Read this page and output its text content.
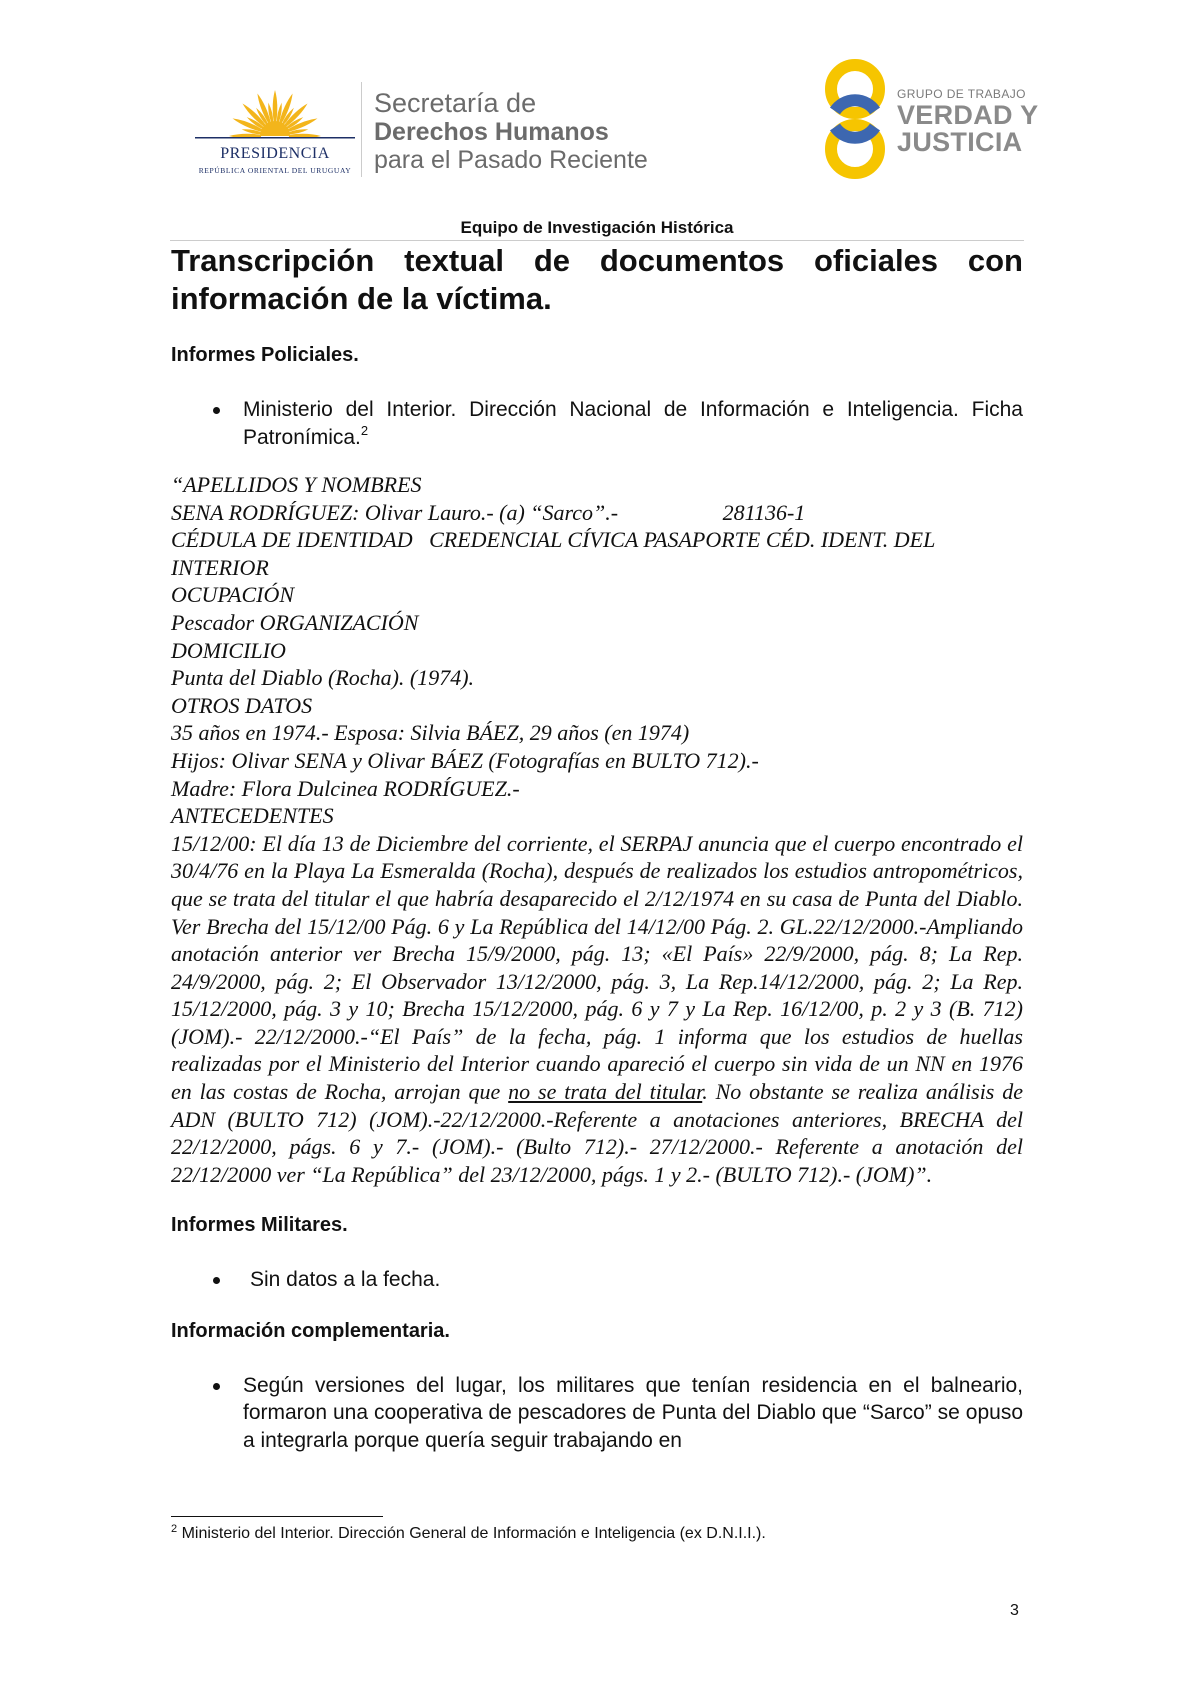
PRESIDENCIA
REPÚBLICA ORIENTAL DEL URUGUAY
Secretaría de
Derechos Humanos
para el Pasado Reciente
GRUPO DE TRABAJO
VERDAD Y
JUSTICIA
Equipo de Investigación Histórica
Transcripción textual de documentos oficiales con información de la víctima.
Informes Policiales.
Ministerio del Interior. Dirección Nacional de Información e Inteligencia. Ficha Patronímica.$^2$
“APELLIDOS Y NOMBRES
SENA RODRÍGUEZ: Olivar Lauro.- (a) “Sarco”.-                   281136-1
CÉDULA DE IDENTIDAD   CREDENCIAL CÍVICA PASAPORTE CÉD. IDENT. DEL
INTERIOR
OCUPACIÓN
Pescador ORGANIZACIÓN
DOMICILIO
Punta del Diablo (Rocha). (1974).
OTROS DATOS
35 años en 1974.- Esposa: Silvia BÁEZ, 29 años (en 1974)
Hijos: Olivar SENA y Olivar BÁEZ (Fotografías en BULTO 712).-
Madre: Flora Dulcinea RODRÍGUEZ.-
ANTECEDENTES

15/12/00: El día 13 de Diciembre del corriente, el SERPAJ anuncia que el cuerpo encontrado el 30/4/76 en la Playa La Esmeralda (Rocha), después de realizados los estudios antropométricos, que se trata del titular el que habría desaparecido el 2/12/1974 en su casa de Punta del Diablo. Ver Brecha del 15/12/00 Pág. 6 y La República del 14/12/00 Pág. 2. GL.22/12/2000.-Ampliando anotación anterior ver Brecha 15/9/2000, pág. 13; «El País» 22/9/2000, pág. 8; La Rep. 24/9/2000, pág. 2; El Observador 13/12/2000, pág. 3, La Rep.14/12/2000, pág. 2; La Rep. 15/12/2000, pág. 3 y 10; Brecha 15/12/2000, pág. 6 y 7 y La Rep. 16/12/00, p. 2 y 3 (B. 712) (JOM).- 22/12/2000.-“El País” de la fecha, pág. 1 informa que los estudios de huellas realizadas por el Ministerio del Interior cuando apareció el cuerpo sin vida de un NN en 1976 en las costas de Rocha, arrojan que no se trata del titular. No obstante se realiza análisis de ADN (BULTO 712) (JOM).-22/12/2000.-Referente a anotaciones anteriores, BRECHA del 22/12/2000, págs. 6 y 7.- (JOM).- (Bulto 712).- 27/12/2000.- Referente a anotación del 22/12/2000 ver “La República” del 23/12/2000, págs. 1 y 2.- (BULTO 712).- (JOM)”.

Informes Militares.
Sin datos a la fecha.
Información complementaria.
Según versiones del lugar, los militares que tenían residencia en el balneario, formaron una cooperativa de pescadores de Punta del Diablo que “Sarco” se opuso a integrarla porque quería seguir trabajando en
$^2$ Ministerio del Interior. Dirección General de Información e Inteligencia (ex D.N.I.I.).
3
